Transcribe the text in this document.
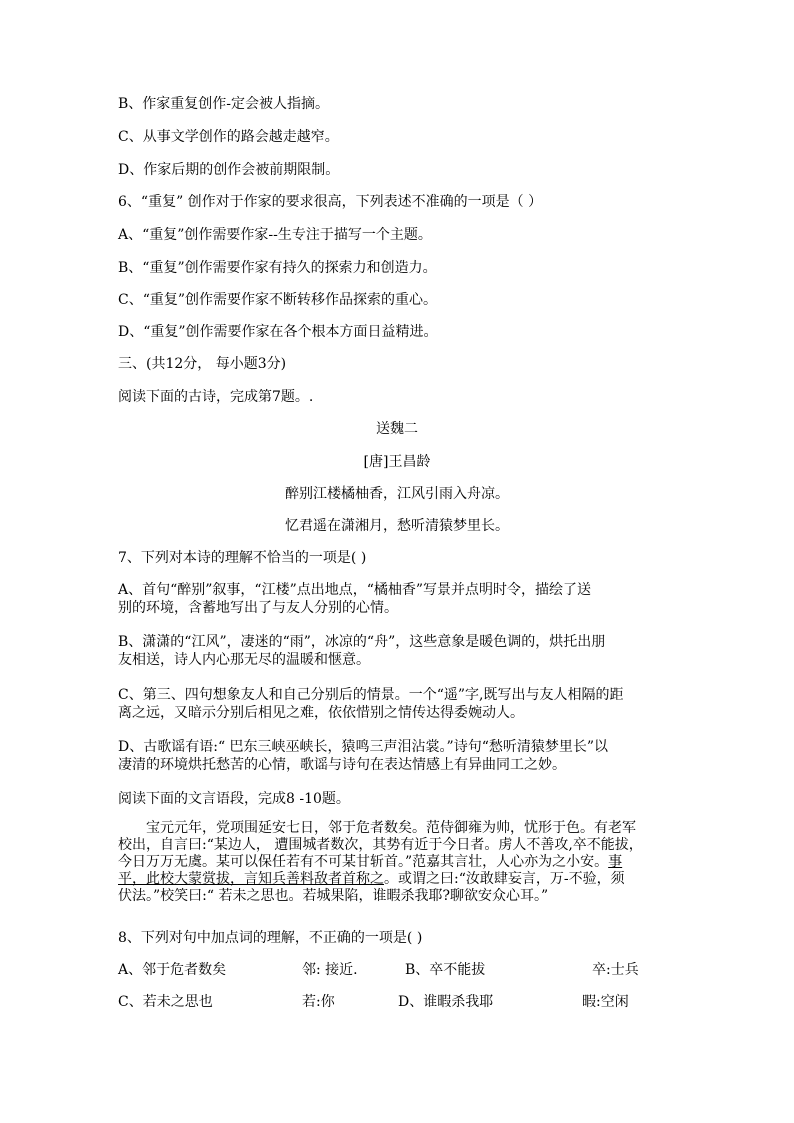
B、作家重复创作-定会被人指摘。
C、从事文学创作的路会越走越窄。
D、作家后期的创作会被前期限制。
6、“重复” 创作对于作家的要求很高，下列表述不准确的一项是（ ）
A、“重复”创作需要作家--生专注于描写一个主题。
B、“重复”创作需要作家有持久的探索力和创造力。
C、“重复”创作需要作家不断转移作品探索的重心。
D、“重复”创作需要作家在各个根本方面日益精进。
三、(共12分， 每小题3分)
阅读下面的古诗，完成第7题。.
送魏二
[唐]王昌龄
醉别江楼橘柚香，江风引雨入舟凉。
忆君遥在潇湘月，愁听清猿梦里长。
7、下列对本诗的理解不恰当的一项是( )
A、首句“醉别”叙事，“江楼”点出地点，“橘柚香”写景并点明时令，描绘了送
别的环境，含蓄地写出了与友人分别的心情。
B、潇潇的“江风”，凄迷的“雨”，冰凉的“舟”，这些意象是暖色调的，烘托出朋
友相送，诗人内心那无尽的温暖和惬意。
C、第三、四句想象友人和自己分别后的情景。一个“遥”字,既写出与友人相隔的距
离之远，又暗示分别后相见之难，依依惜别之情传达得委婉动人。
D、古歌谣有语:“ 巴东三峡巫峡长，猿鸣三声泪沾裳。”诗句“愁听清猿梦里长”以
凄清的环境烘托愁苦的心情，歌谣与诗句在表达情感上有异曲同工之妙。
阅读下面的文言语段，完成8 -10题。
宝元元年，党项围延安七日，邻于危者数矣。范侍御雍为帅，忧形于色。有老军
校出，自言曰:“某边人， 遭围城者数次，其势有近于今日者。虏人不善攻,卒不能拔，
今日万万无虞。某可以保任若有不可某甘斩首。”范嘉其言壮，人心亦为之小安。事
平，此校大蒙赏拔，言知兵善料敌者首称之。或谓之曰:“汝敢肆妄言，万-不验，须
伏法。”校笑曰:“ 若未之思也。若城果陷，谁暇杀我耶?聊欲安众心耳。”
8、下列对句中加点词的理解，不正确的一项是( )
A、邻于危者数矣	邻: 接近.	B、卒不能拔	卒:士兵
C、若未之思也	若:你	D、谁暇杀我耶	暇:空闲
